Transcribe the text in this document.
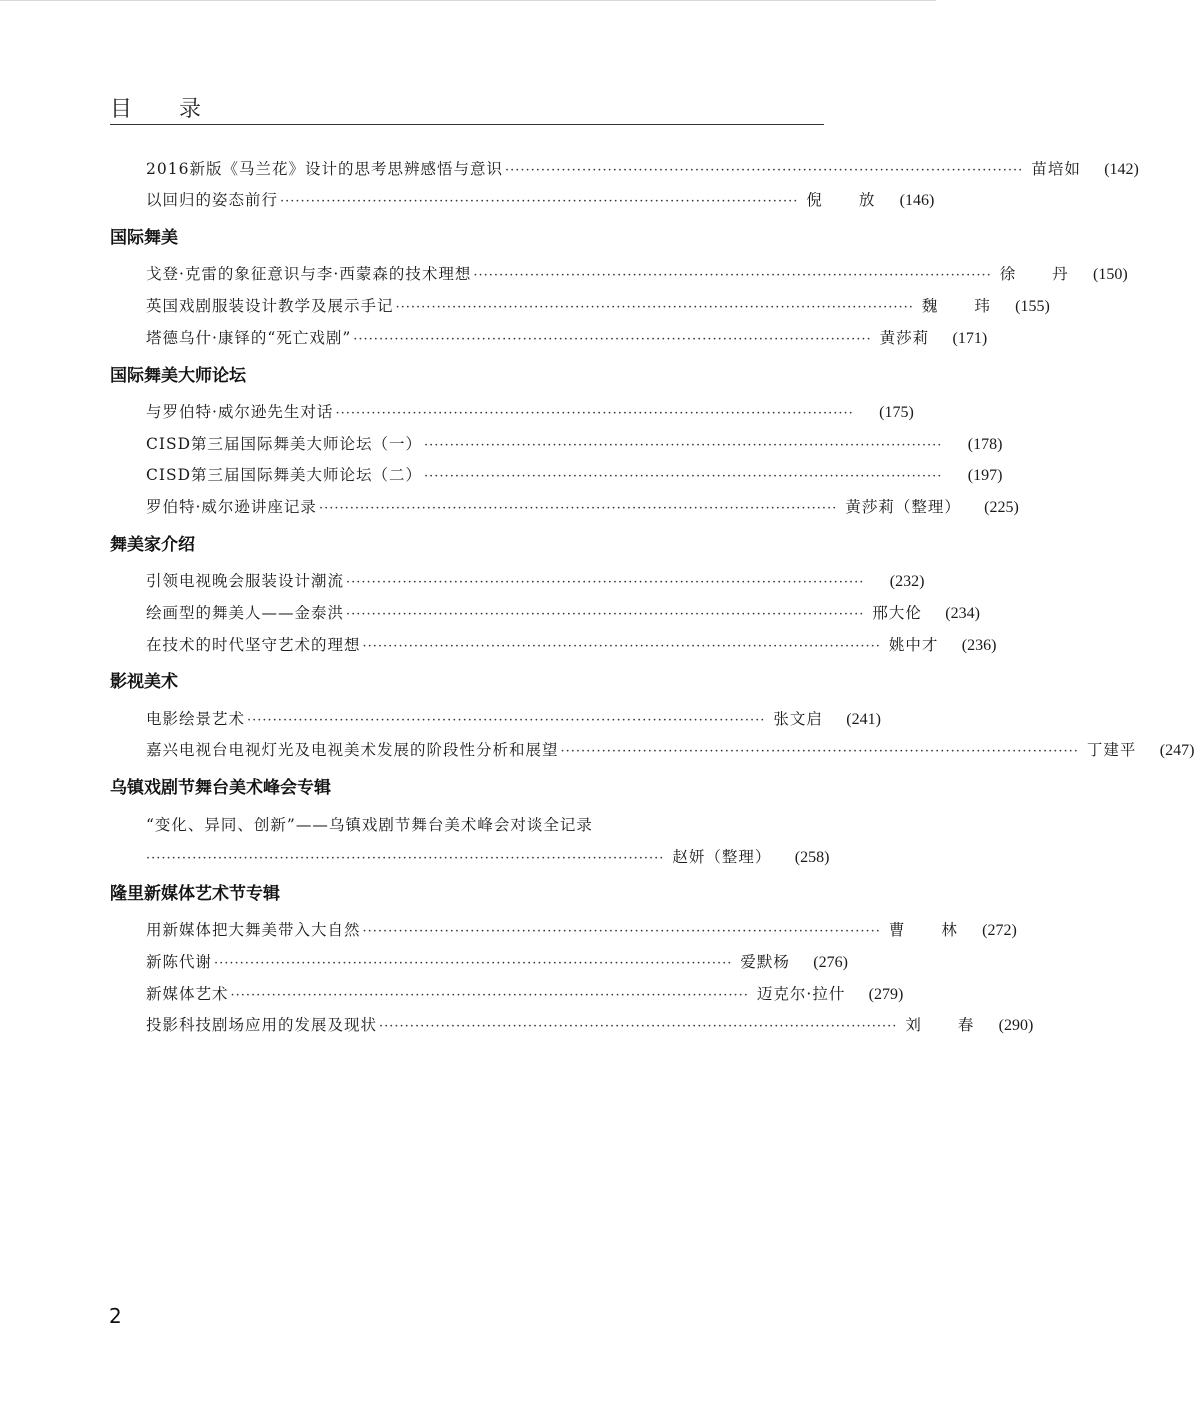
目 录
2016新版《马兰花》设计的思考思辨感悟与意识 ····································································································· 苗培如	(142)
以回归的姿态前行 ····································································································· 倪 放 (146)
国际舞美
戈登·克雷的象征意识与李·西蒙森的技术理想 ····································································································· 徐 丹 (150)
英国戏剧服装设计教学及展示手记 ····································································································· 魏 玮 (155)
塔德乌什·康铎的“死亡戏剧” ····································································································· 黄莎莉	(171)
国际舞美大师论坛
与罗伯特·威尔逊先生对话 ·····································································································	(175)
CISD第三届国际舞美大师论坛（一） ·····································································································	(178)
CISD第三届国际舞美大师论坛（二） ·····································································································	(197)
罗伯特·威尔逊讲座记录 ····································································································· 黄莎莉（整理）	(225)
舞美家介绍
引领电视晚会服装设计潮流 ·····································································································	(232)
绘画型的舞美人——金泰洪 ····································································································· 邢大伦	(234)
在技术的时代坚守艺术的理想 ····································································································· 姚中才	(236)
影视美术
电影绘景艺术 ····································································································· 张文启	(241)
嘉兴电视台电视灯光及电视美术发展的阶段性分析和展望 ····································································································· 丁建平	(247)
乌镇戏剧节舞台美术峰会专辑
“变化、异同、创新”——乌镇戏剧节舞台美术峰会对谈全记录
····································································································· 赵妍（整理）	(258)
隆里新媒体艺术节专辑
用新媒体把大舞美带入大自然 ····································································································· 曹 林 (272)
新陈代谢 ····································································································· 爱默杨	(276)
新媒体艺术 ····································································································· 迈克尔·拉什	(279)
投影科技剧场应用的发展及现状 ····································································································· 刘 春 (290)
2
